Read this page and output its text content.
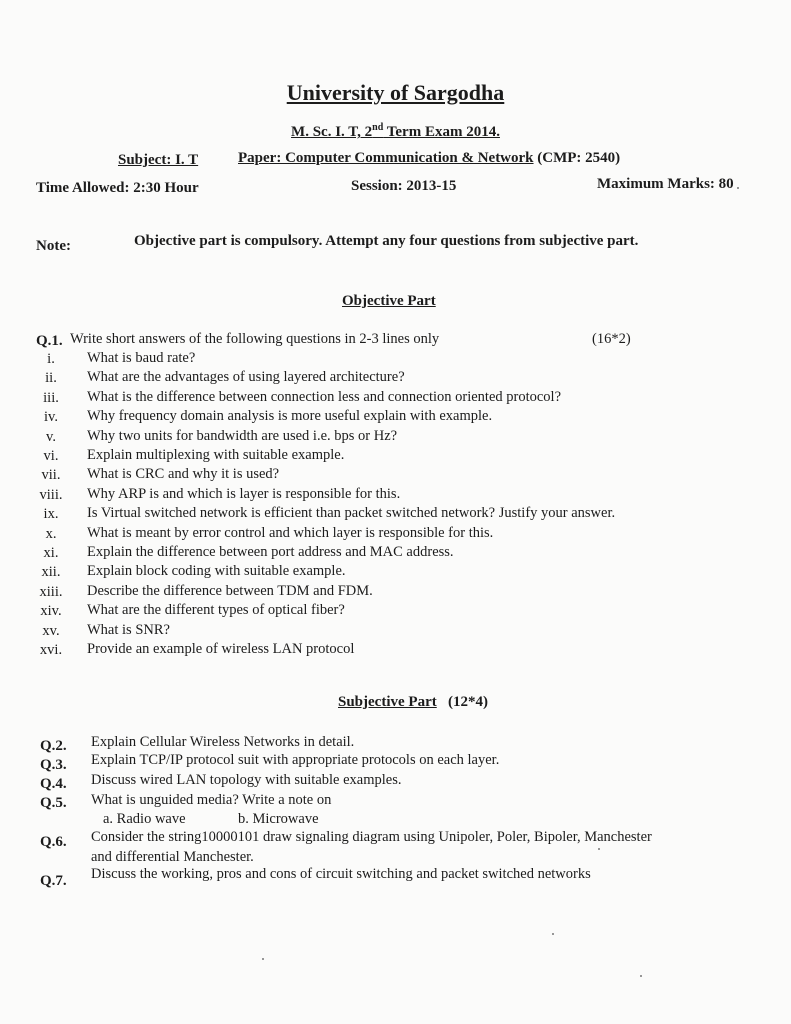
University of Sargodha
M. Sc. I. T, 2nd Term Exam 2014.
Subject: I. T	Paper: Computer Communication & Network (CMP: 2540)
Time Allowed: 2:30 Hour	Session: 2013-15	Maximum Marks: 80
Note:	Objective part is compulsory. Attempt any four questions from subjective part.
Objective Part
Q.1. Write short answers of the following questions in 2-3 lines only	(16*2)
i.	What is baud rate?
ii.	What are the advantages of using layered architecture?
iii.	What is the difference between connection less and connection oriented protocol?
iv.	Why frequency domain analysis is more useful explain with example.
v.	Why two units for bandwidth are used i.e. bps or Hz?
vi.	Explain multiplexing with suitable example.
vii.	What is CRC and why it is used?
viii.	Why ARP is and which is layer is responsible for this.
ix.	Is Virtual switched network is efficient than packet switched network? Justify your answer.
x.	What is meant by error control and which layer is responsible for this.
xi.	Explain the difference between port address and MAC address.
xii.	Explain block coding with suitable example.
xiii.	Describe the difference between TDM and FDM.
xiv.	What are the different types of optical fiber?
xv.	What is SNR?
xvi.	Provide an example of wireless LAN protocol
Subjective Part (12*4)
Q.2. Explain Cellular Wireless Networks in detail.
Q.3. Explain TCP/IP protocol suit with appropriate protocols on each layer.
Q.4. Discuss wired LAN topology with suitable examples.
Q.5. What is unguided media? Write a note on
a. Radio wave	b. Microwave
Q.6. Consider the string10000101 draw signaling diagram using Unipoler, Poler, Bipoler, Manchester
and differential Manchester.
Q.7. Discuss the working, pros and cons of circuit switching and packet switched networks
